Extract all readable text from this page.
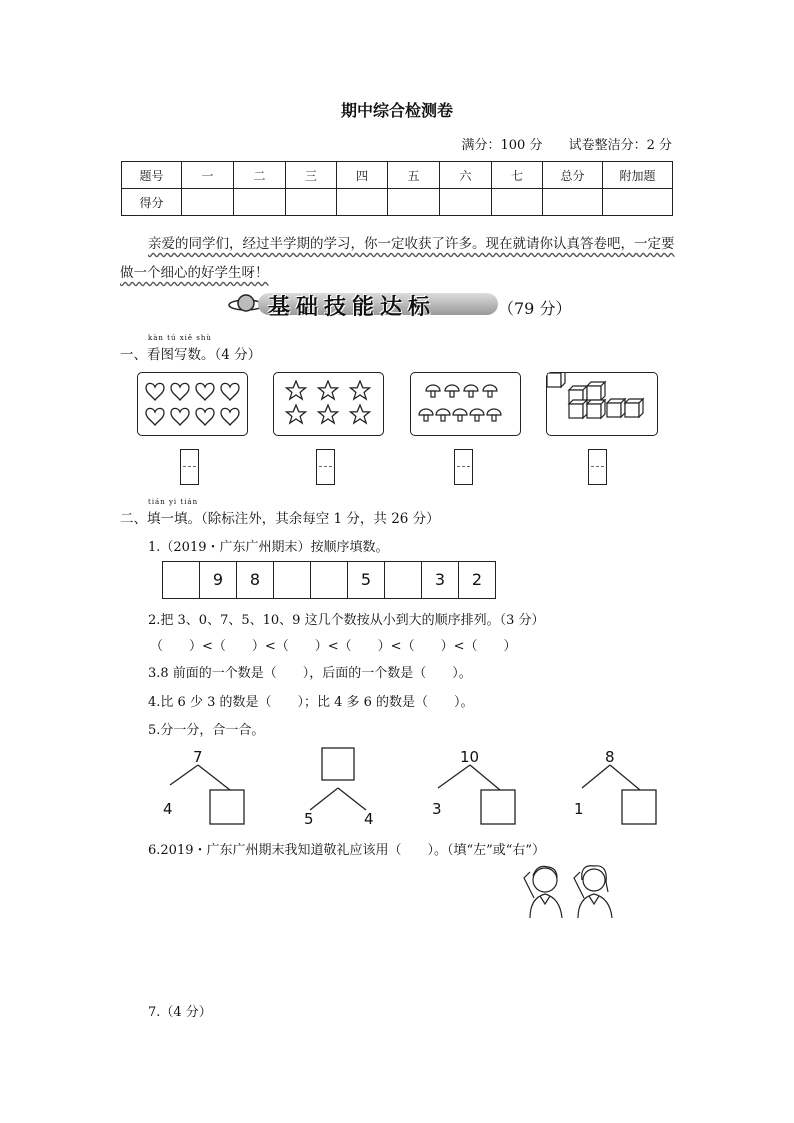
期中综合检测卷
满分：100 分 试卷整洁分：2 分
题号	一	二	三	四	五	六	七	总分	附加题
得分									
亲爱的同学们，经过半学期的学习，你一定收获了许多。现在就请你认真答卷吧，一定要做一个细心的好学生呀！
基础技能达标	（79 分）
kàn tú xiě shù
一、看图写数。（4 分）
tián yi tián
二、填一填。（除标注外，其余每空 1 分，共 26 分）
1.（2019・广东广州期末）按顺序填数。
9	8	5	3	2
2.把 3、0、7、5、10、9 这几个数按从小到大的顺序排列。（3 分）
（　　）<（　　）<（　　）<（　　）<（　　）<（　　）
3.8 前面的一个数是（　　），后面的一个数是（　　）。
4.比 6 少 3 的数是（　　）；比 4 多 6 的数是（　　）。
5.分一分，合一合。
7
4
5	4
10
3
8
1
6.2019・广东广州期末我知道敬礼应该用（　　）。（填“左”或“右”）
7.（4 分）
